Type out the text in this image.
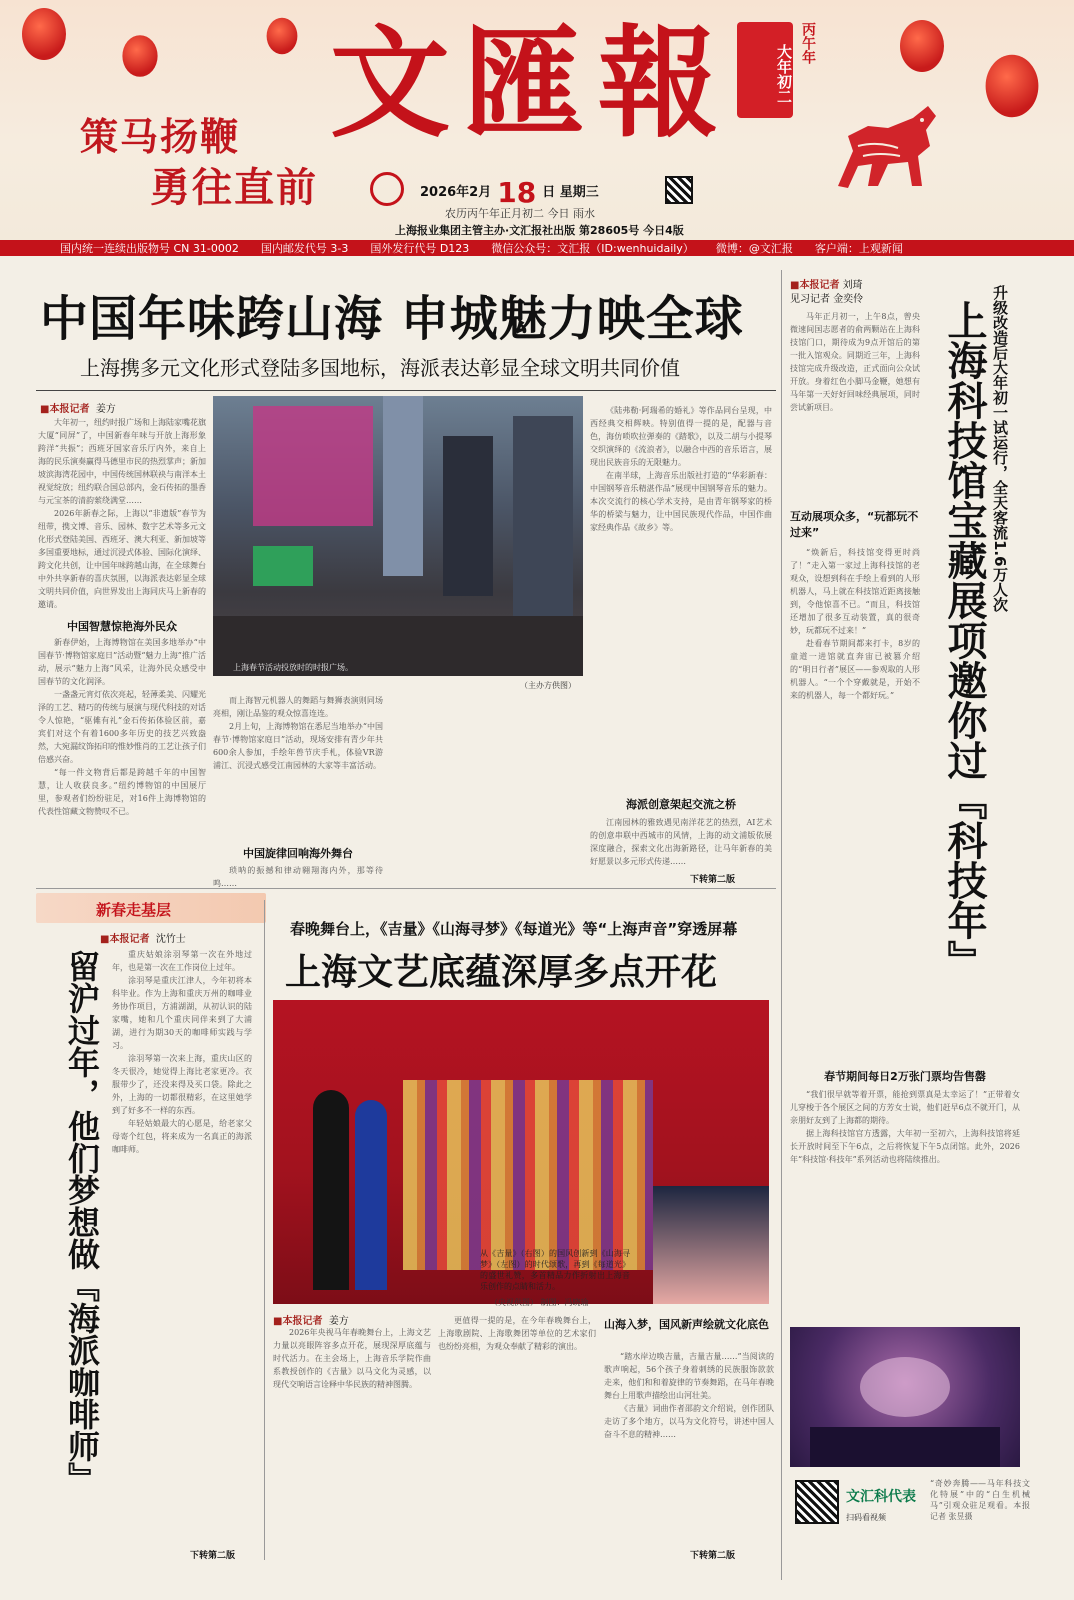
策马扬鞭
勇往直前
文匯報	大年初二
丙午年
2026年2月 18 日 星期三
农历丙午年正月初二 今日 雨水
上海报业集团主管主办·文汇报社出版 第28605号 今日4版
国内统一连续出版物号 CN 31-0002 国内邮发代号 3-3 国外发行代号 D123 微信公众号：文汇报（ID:wenhuidaily） 微博：@文汇报 客户端：上观新闻
中国年味跨山海 申城魅力映全球
上海携多元文化形式登陆多国地标，海派表达彰显全球文明共同价值
■本报记者 姜方

大年初一，纽约时报广场和上海陆家嘴花旗大厦“同屏”了，中国新春年味与开放上海形象跨洋“共振”；西班牙国家音乐厅内外，来自上海的民乐演奏赢得马德里市民的热烈掌声；新加坡滨海湾花园中，中国传统国林联袂与南洋本土视觉绽放；纽约联合国总部内，金石传拓的墨香与元宝茶的清韵萦绕满堂……

2026年新春之际，上海以“非遗版”春节为纽带，携文博、音乐、园林、数字艺术等多元文化形式登陆美国、西班牙、澳大利亚、新加坡等多国重要地标，通过沉浸式体验、国际化演绎、跨文化共创，让中国年味跨越山海，在全球舞台中外共享新春的喜庆氛围，以海派表达彰显全球文明共同价值，向世界发出上海同庆马上新春的邀请。

中国智慧惊艳海外民众

新春伊始，上海博物馆在美国多地举办“中国春节·博物馆家庭日”活动暨“魅力上海”推广活动，展示“魅力上海”风采，让海外民众感受中国春节的文化润泽。

一盏盏元宵灯依次亮起，轻薄柔美、闪耀光泽的工艺、精巧的传统与展演与现代科技的对话令人惊艳，“驱傩有礼”金石传拓体验区前，嘉宾们对这个有着1600多年历史的技艺兴致盎然，大宛漏纹饰拓印的惟妙惟肖的工艺让孩子们倍感兴奋。

“每一件文物背后都是跨越千年的中国智慧，让人收获良多。”纽约博物馆的中国展厅里，参观者们纷纷驻足，对16件上海博物馆的代表性馆藏文物赞叹不已。

上海春节活动投放时的时报广场。
（主办方供图）

而上海智元机器人的舞蹈与舞狮表演则同场亮相，刚让品鉴的观众惊喜连连。

2月上旬，上海博物馆在悉尼当地举办“中国春节·博物馆家庭日”活动，现场安排有青少年共600余人参加，手绘年兽节庆手札，体验VR游浦江、沉浸式感受江南园林的大家等丰富活动。

中国旋律回响海外舞台

琐呐的振撼和律动翱翔海内外，那等待鸣……

《陆弗勒·阿瑞希的婚礼》等作品同台呈现，中西经典交相辉映。特别值得一提的是，配器与音色，海仿唢吹拉弹奏的《踏歌》，以及二胡与小提琴交织演绎的《流浪者》，以融合中西的音乐语言，展现出民族音乐的无限魅力。

在南半球，上海音乐出版社打造的“华彩新春：中国钢琴音乐精湛作品”展现中国钢琴音乐的魅力。本次交流行的核心学术支持，是由青年钢琴家的桥华的桥梁与魅力，让中国民族现代作品，中国作曲家经典作品《故乡》等。

海派创意架起交流之桥

江南园林的雅致遇见南洋花艺的热烈，AI艺术的创意串联中西城市的风情，上海的动文浦版依展深度融合，探索文化出海新路径，让马年新春的美好愿景以多元形式传递……

下转第二版
升级改造后大年初一试运行，全天客流1.6万人次
上海科技馆宝藏展项邀你过『科技年』
■本报记者 刘琦
见习记者 金奕伶

马年正月初一，上午8点，曾央微速间国志愿者的俞两颗站在上海科技馆门口，期待成为9点开馆后的第一批入馆观众。同期近三年，上海科技馆完成升级改造，正式面向公众试开放。身着红色小脚马金鞭，她想有马年第一天好好回味经典展项，同时尝试新项目。

互动展项众多，“玩都玩不过来”

“焕新后，科技馆变得更时尚了！”走入第一家过上海科技馆的老观众，设想到科在手绘上看到的人形机器人，马上就在科技馆近距离接触到，令他惊喜不已。“而且，科技馆还增加了很多互动装置，真的很奇妙，玩都玩不过来！”

赴看春节期间都来打卡，8岁的童道一进馆就直奔宙已被篡介绍的“明日行者”展区——参观取的人形机器人。“一个个穿戴就是，开始不来的机器人，每一个都好玩。”

春节期间每日2万张门票均告售罄

“我们很早就等着开票，能抢到票真是太幸运了！”正带着女儿穿梭于各个展区之间的方芳女士说，他们赶早6点不就开门，从亲朋好友到了上海都的期待。

据上海科技馆官方透露，大年初一至初六，上海科技馆将延长开放时间至下午6点，之后将恢复下午5点闭馆。此外，2026年“科技馆·科技年”系列活动也将陆续推出。

文汇科代表
扫码看视频

“奇妙奔腾——马年科技文化特展”中的“白生机械马”引观众驻足观看。本报记者 张昱摄

新春走基层
■本报记者 沈竹士
留沪过年，他们梦想做『海派咖啡师』	重庆姑娘涂羽琴第一次在外地过年，也是第一次在工作岗位上过年。

涂羽琴是重庆江津人，今年初将本科毕业。作为上海和重庆万州的咖啡业务协作项目，方浦湖湖，从初认识的陆家嘴，她和几个重庆同伴来到了大浦湖，进行为期30天的咖啡师实践与学习。

涂羽琴第一次来上海，重庆山区的冬天很冷，她觉得上海比老家更冷。衣服带少了，还没来得及买口袋。除此之外，上海的一切都很精彩，在这里她学到了好多不一样的东西。

年轻姑娘最大的心愿是，给老家父母寄个红包，将来成为一名真正的海派咖啡师。

下转第二版
春晚舞台上，《吉量》《山海寻梦》《每道光》等“上海声音”穿透屏幕
上海文艺底蕴深厚多点开花

从《吉量》（右图）的国风创新到《山海寻梦》（左图）的时代颂歌，再到《每道光》的盛世礼赞，多首精品力作折射出上海音乐创作的点睛和活力。

（央视供图） 制图：冯晓瑜
■本报记者 姜方

2026年央视马年春晚舞台上，上海文艺力量以亮眼阵容多点开花，展现深厚底蕴与时代活力。在主会场上，上海音乐学院作曲系教授创作的《吉量》以马文化为灵感，以现代交响语言诠释中华民族的精神图腾。

更值得一提的是，在今年春晚舞台上，上海歌剧院、上海歌舞团等单位的艺术家们也纷纷亮相，为观众奉献了精彩的演出。

山海入梦，国风新声绘就文化底色

“踏水岸边唤吉量，吉量吉量……”当阅读的歌声响起，56个孩子身着刺绣的民族服饰款款走来，他们和和着旋律的节奏舞蹈，在马年春晚舞台上用歌声描绘出山河壮美。

《吉量》词曲作者邵韵文介绍说，创作团队走访了多个地方，以马为文化符号，讲述中国人奋斗不息的精神……

下转第二版
